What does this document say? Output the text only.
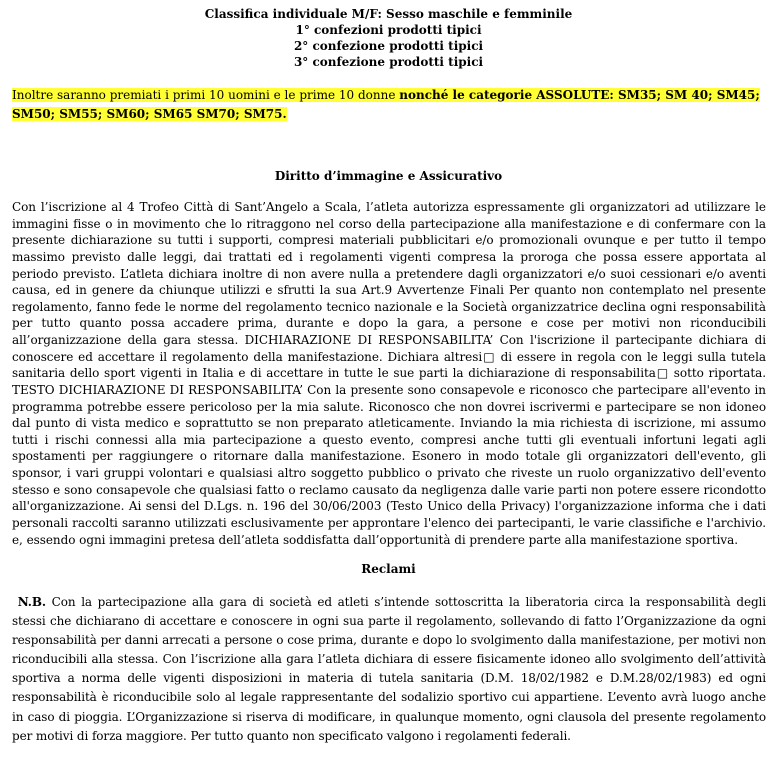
Classifica individuale M/F: Sesso maschile e femminile
1° confezioni prodotti tipici
2° confezione prodotti tipici
3° confezione prodotti tipici
Inoltre saranno premiati i primi 10 uomini e le prime 10 donne nonché le categorie ASSOLUTE: SM35; SM 40; SM45; SM50; SM55; SM60; SM65 SM70; SM75.
Diritto d’immagine e Assicurativo
Con l’iscrizione al 4 Trofeo Città di Sant’Angelo a Scala, l’atleta autorizza espressamente gli organizzatori ad utilizzare le immagini fisse o in movimento che lo ritraggono nel corso della partecipazione alla manifestazione e di confermare con la presente dichiarazione su tutti i supporti, compresi materiali pubblicitari e/o promozionali ovunque e per tutto il tempo massimo previsto dalle leggi, dai trattati ed i regolamenti vigenti compresa la proroga che possa essere apportata al periodo previsto. L’atleta dichiara inoltre di non avere nulla a pretendere dagli organizzatori e/o suoi cessionari e/o aventi causa, ed in genere da chiunque utilizzi e sfrutti la sua Art.9 Avvertenze Finali Per quanto non contemplato nel presente regolamento, fanno fede le norme del regolamento tecnico nazionale e la Società organizzatrice declina ogni responsabilità per tutto quanto possa accadere prima, durante e dopo la gara, a persone e cose per motivi non riconducibili all’organizzazione della gara stessa. DICHIARAZIONE DI RESPONSABILITA’ Con l'iscrizione il partecipante dichiara di conoscere ed accettare il regolamento della manifestazione. Dichiara altresi□ di essere in regola con le leggi sulla tutela sanitaria dello sport vigenti in Italia e di accettare in tutte le sue parti la dichiarazione di responsabilita□ sotto riportata. TESTO DICHIARAZIONE DI RESPONSABILITA’ Con la presente sono consapevole e riconosco che partecipare all'evento in programma potrebbe essere pericoloso per la mia salute. Riconosco che non dovrei iscrivermi e partecipare se non idoneo dal punto di vista medico e soprattutto se non preparato atleticamente. Inviando la mia richiesta di iscrizione, mi assumo tutti i rischi connessi alla mia partecipazione a questo evento, compresi anche tutti gli eventuali infortuni legati agli spostamenti per raggiungere o ritornare dalla manifestazione. Esonero in modo totale gli organizzatori dell'evento, gli sponsor, i vari gruppi volontari e qualsiasi altro soggetto pubblico o privato che riveste un ruolo organizzativo dell'evento stesso e sono consapevole che qualsiasi fatto o reclamo causato da negligenza dalle varie parti non potere essere ricondotto all'organizzazione. Ai sensi del D.Lgs. n. 196 del 30/06/2003 (Testo Unico della Privacy) l'organizzazione informa che i dati personali raccolti saranno utilizzati esclusivamente per approntare l'elenco dei partecipanti, le varie classifiche e l'archivio. e, essendo ogni immagini pretesa dell’atleta soddisfatta dall’opportunità di prendere parte alla manifestazione sportiva.
Reclami
N.B. Con la partecipazione alla gara di società ed atleti s’intende sottoscritta la liberatoria circa la responsabilità degli stessi che dichiarano di accettare e conoscere in ogni sua parte il regolamento, sollevando di fatto l’Organizzazione da ogni responsabilità per danni arrecati a persone o cose prima, durante e dopo lo svolgimento dalla manifestazione, per motivi non riconducibili alla stessa. Con l’iscrizione alla gara l’atleta dichiara di essere fisicamente idoneo allo svolgimento dell’attività sportiva a norma delle vigenti disposizioni in materia di tutela sanitaria (D.M. 18/02/1982 e D.M.28/02/1983) ed ogni responsabilità è riconducibile solo al legale rappresentante del sodalizio sportivo cui appartiene. L’evento avrà luogo anche in caso di pioggia. L’Organizzazione si riserva di modificare, in qualunque momento, ogni clausola del presente regolamento per motivi di forza maggiore. Per tutto quanto non specificato valgono i regolamenti federali.
